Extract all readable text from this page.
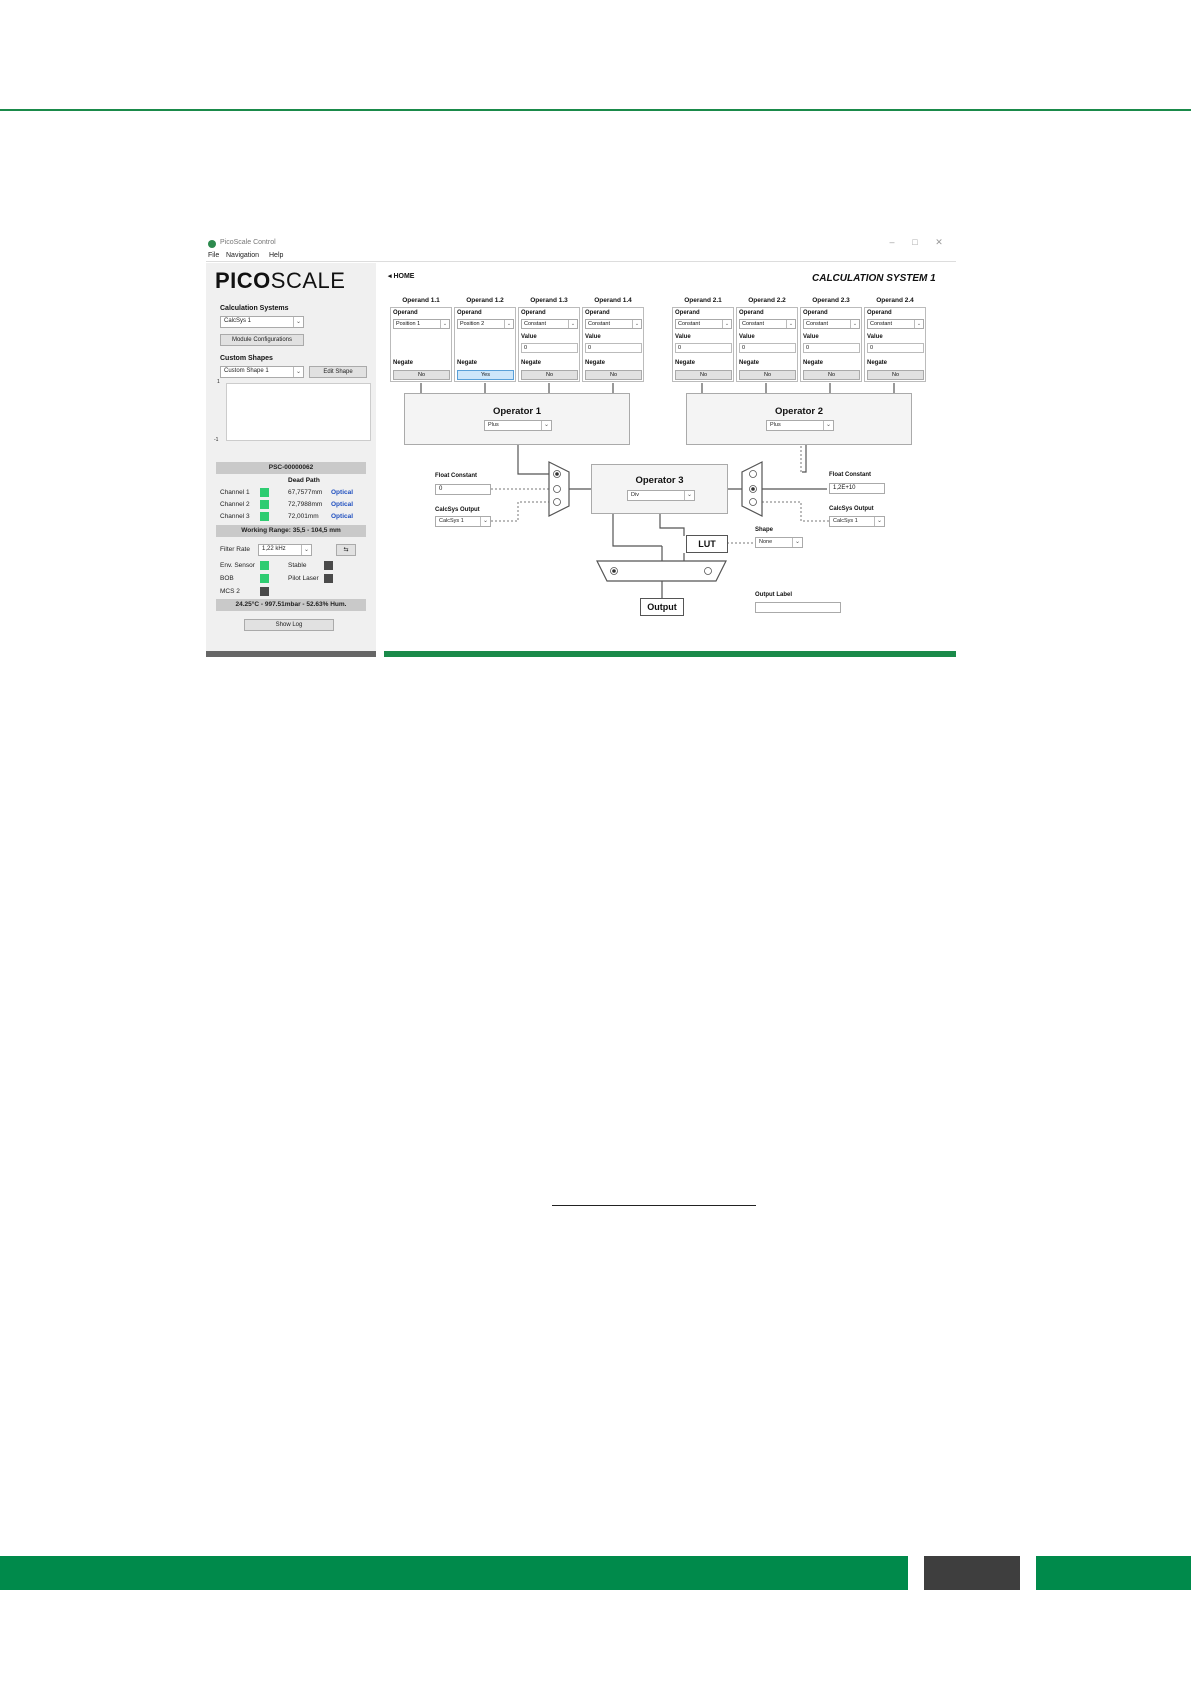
PicoScale Control	–	□	✕
File Navigation Help
PICOSCALE
Calculation Systems
CalcSys 1	⌄
Module Configurations
Custom Shapes
Custom Shape 1	⌄	Edit Shape
1
-1
PSC-00000062
Dead Path
Channel 1	67,7577mm Optical
Channel 2	72,7988mm Optical
Channel 3	72,001mm Optical
Working Range: 35,5 - 104,5 mm
Filter Rate	1,22 kHz	⌄	⇆
Env. Sensor	Stable
BOB	Pilot Laser
MCS 2
24.25°C - 997.51mbar - 52.63% Hum.
Show Log
◂ HOME	CALCULATION SYSTEM 1
Operand 1.1
Operand
Position 1	⌄
Negate
No
Operand 1.2
Operand
Position 2	⌄
Negate
Yes
Operand 1.3
Operand
Constant	⌄
Value
0
Negate
No
Operand 1.4
Operand
Constant	⌄
Value
0
Negate
No
Operand 2.1
Operand
Constant	⌄
Value
0
Negate
No
Operand 2.2
Operand
Constant	⌄
Value
0
Negate
No
Operand 2.3
Operand
Constant	⌄
Value
0
Negate
No
Operand 2.4
Operand
Constant	⌄
Value
0
Negate
No
Operator 1
Plus	⌄
Operator 2
Plus	⌄
Operator 3
Div	⌄
Float Constant
0
CalcSys Output
CalcSys 1	⌄
Float Constant
1,2E+10
CalcSys Output
CalcSys 1	⌄
LUT
Shape
None	⌄
Output
Output Label
